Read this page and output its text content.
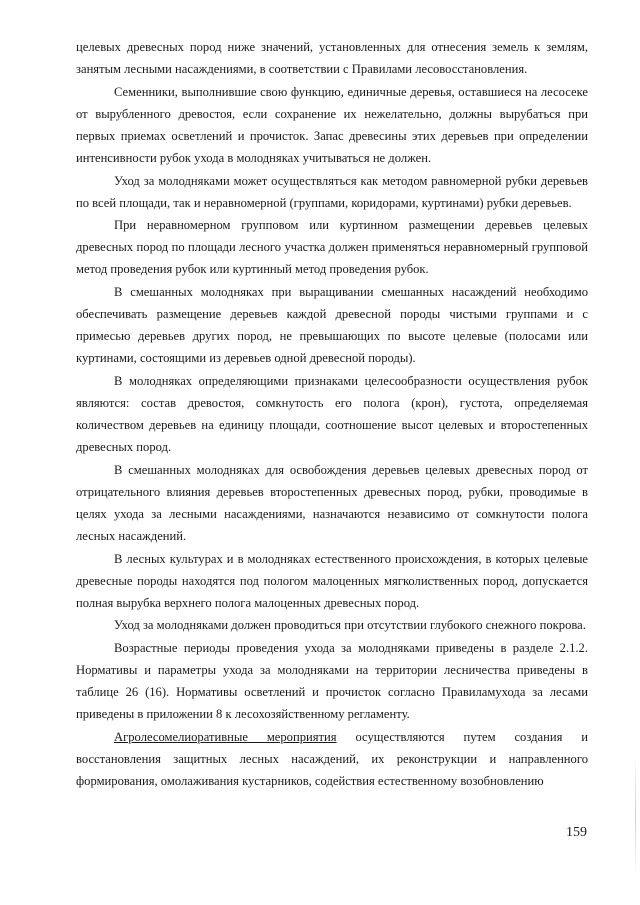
целевых древесных пород ниже значений, установленных для отнесения земель к землям, занятым лесными насаждениями, в соответствии с Правилами лесовосстановления.

Семенники, выполнившие свою функцию, единичные деревья, оставшиеся на лесосеке от вырубленного древостоя, если сохранение их нежелательно, должны вырубаться при первых приемах осветлений и прочисток. Запас древесины этих деревьев при определении интенсивности рубок ухода в молодняках учитываться не должен.

Уход за молодняками может осуществляться как методом равномерной рубки деревьев по всей площади, так и неравномерной (группами, коридорами, куртинами) рубки деревьев.

При неравномерном групповом или куртинном размещении деревьев целевых древесных пород по площади лесного участка должен применяться неравномерный групповой метод проведения рубок или куртинный метод проведения рубок.

В смешанных молодняках при выращивании смешанных насаждений необходимо обеспечивать размещение деревьев каждой древесной породы чистыми группами и с примесью деревьев других пород, не превышающих по высоте целевые (полосами или куртинами, состоящими из деревьев одной древесной породы).

В молодняках определяющими признаками целесообразности осуществления рубок являются: состав древостоя, сомкнутость его полога (крон), густота, определяемая количеством деревьев на единицу площади, соотношение высот целевых и второстепенных древесных пород.

В смешанных молодняках для освобождения деревьев целевых древесных пород от отрицательного влияния деревьев второстепенных древесных пород, рубки, проводимые в целях ухода за лесными насаждениями, назначаются независимо от сомкнутости полога лесных насаждений.

В лесных культурах и в молодняках естественного происхождения, в которых целевые древесные породы находятся под пологом малоценных мягколиственных пород, допускается полная вырубка верхнего полога малоценных древесных пород.

Уход за молодняками должен проводиться при отсутствии глубокого снежного покрова.

Возрастные периоды проведения ухода за молодняками приведены в разделе 2.1.2. Нормативы и параметры ухода за молодняками на территории лесничества приведены в таблице 26 (16). Нормативы осветлений и прочисток согласно Правиламухода за лесами приведены в приложении 8 к лесохозяйственному регламенту.

Агролесомелиоративные мероприятия осуществляются путем создания и восстановления защитных лесных насаждений, их реконструкции и направленного формирования, омолаживания кустарников, содействия естественному возобновлению

159
